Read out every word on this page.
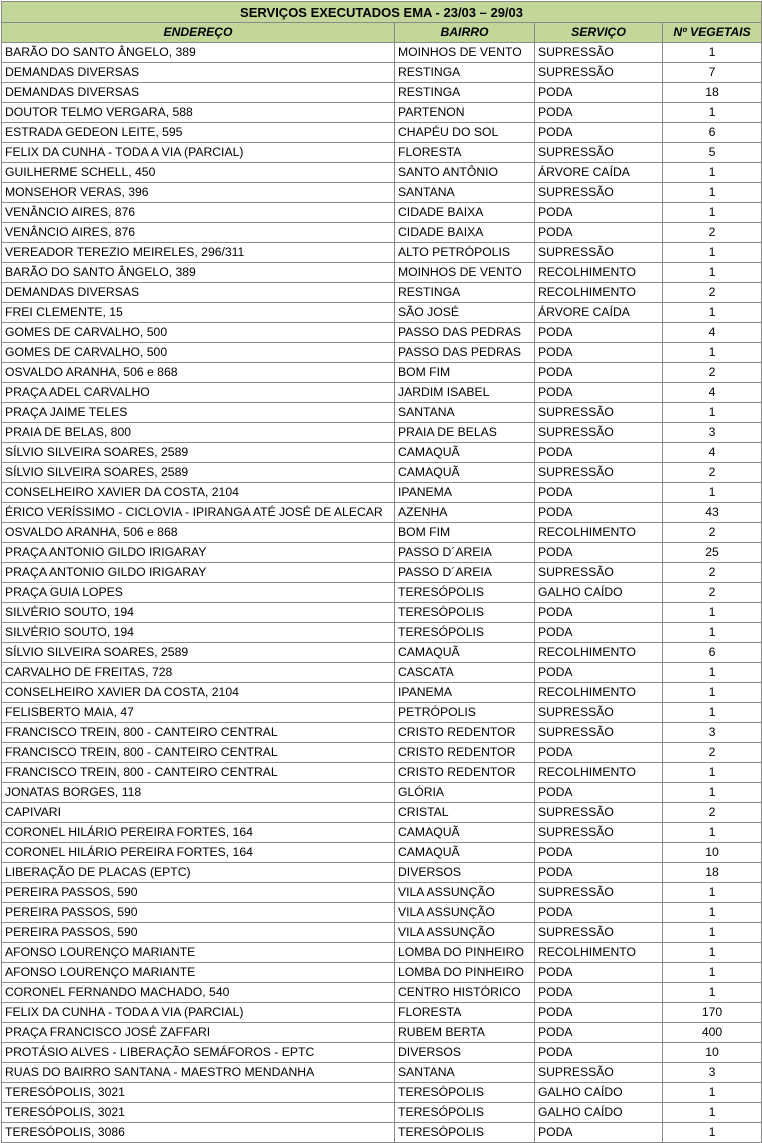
SERVIÇOS EXECUTADOS EMA - 23/03 – 29/03			
ENDEREÇO	BAIRRO	SERVIÇO	Nº VEGETAIS
BARÃO DO SANTO ÂNGELO, 389	MOINHOS DE VENTO	SUPRESSÃO	1
DEMANDAS DIVERSAS	RESTINGA	SUPRESSÃO	7
DEMANDAS DIVERSAS	RESTINGA	PODA	18
DOUTOR TELMO VERGARA, 588	PARTENON	PODA	1
ESTRADA GEDEON LEITE, 595	CHAPÉU DO SOL	PODA	6
FELIX DA CUNHA - TODA A VIA (PARCIAL)	FLORESTA	SUPRESSÃO	5
GUILHERME SCHELL, 450	SANTO ANTÔNIO	ÁRVORE CAÍDA	1
MONSEHOR VERAS, 396	SANTANA	SUPRESSÃO	1
VENÂNCIO AIRES, 876	CIDADE BAIXA	PODA	1
VENÂNCIO AIRES, 876	CIDADE BAIXA	PODA	2
VEREADOR TEREZIO MEIRELES, 296/311	ALTO PETRÓPOLIS	SUPRESSÃO	1
BARÃO DO SANTO ÂNGELO, 389	MOINHOS DE VENTO	RECOLHIMENTO	1
DEMANDAS DIVERSAS	RESTINGA	RECOLHIMENTO	2
FREI CLEMENTE, 15	SÃO JOSÉ	ÁRVORE CAÍDA	1
GOMES DE CARVALHO, 500	PASSO DAS PEDRAS	PODA	4
GOMES DE CARVALHO, 500	PASSO DAS PEDRAS	PODA	1
OSVALDO ARANHA, 506 e 868	BOM FIM	PODA	2
PRAÇA ADEL CARVALHO	JARDIM ISABEL	PODA	4
PRAÇA JAIME TELES	SANTANA	SUPRESSÃO	1
PRAIA DE BELAS, 800	PRAIA DE BELAS	SUPRESSÃO	3
SÍLVIO SILVEIRA SOARES, 2589	CAMAQUÃ	PODA	4
SÍLVIO SILVEIRA SOARES, 2589	CAMAQUÃ	SUPRESSÃO	2
CONSELHEIRO XAVIER DA COSTA, 2104	IPANEMA	PODA	1
ÉRICO VERÍSSIMO - CICLOVIA - IPIRANGA ATÉ JOSÉ DE ALECAR	AZENHA	PODA	43
OSVALDO ARANHA, 506 e 868	BOM FIM	RECOLHIMENTO	2
PRAÇA ANTONIO GILDO IRIGARAY	PASSO D´AREIA	PODA	25
PRAÇA ANTONIO GILDO IRIGARAY	PASSO D´AREIA	SUPRESSÃO	2
PRAÇA GUIA LOPES	TERESÓPOLIS	GALHO CAÍDO	2
SILVÉRIO SOUTO, 194	TERESÓPOLIS	PODA	1
SILVÉRIO SOUTO, 194	TERESÓPOLIS	PODA	1
SÍLVIO SILVEIRA SOARES, 2589	CAMAQUÃ	RECOLHIMENTO	6
CARVALHO DE FREITAS, 728	CASCATA	PODA	1
CONSELHEIRO XAVIER DA COSTA, 2104	IPANEMA	RECOLHIMENTO	1
FELISBERTO MAIA, 47	PETRÓPOLIS	SUPRESSÃO	1
FRANCISCO TREIN, 800 - CANTEIRO CENTRAL	CRISTO REDENTOR	SUPRESSÃO	3
FRANCISCO TREIN, 800 - CANTEIRO CENTRAL	CRISTO REDENTOR	PODA	2
FRANCISCO TREIN, 800 - CANTEIRO CENTRAL	CRISTO REDENTOR	RECOLHIMENTO	1
JONATAS BORGES, 118	GLÓRIA	PODA	1
CAPIVARI	CRISTAL	SUPRESSÃO	2
CORONEL HILÁRIO PEREIRA FORTES, 164	CAMAQUÃ	SUPRESSÃO	1
CORONEL HILÁRIO PEREIRA FORTES, 164	CAMAQUÃ	PODA	10
LIBERAÇÃO DE PLACAS (EPTC)	DIVERSOS	PODA	18
PEREIRA PASSOS, 590	VILA ASSUNÇÃO	SUPRESSÃO	1
PEREIRA PASSOS, 590	VILA ASSUNÇÃO	PODA	1
PEREIRA PASSOS, 590	VILA ASSUNÇÃO	SUPRESSÃO	1
AFONSO LOURENÇO MARIANTE	LOMBA DO PINHEIRO	RECOLHIMENTO	1
AFONSO LOURENÇO MARIANTE	LOMBA DO PINHEIRO	PODA	1
CORONEL FERNANDO MACHADO, 540	CENTRO HISTÓRICO	PODA	1
FELIX DA CUNHA - TODA A VIA (PARCIAL)	FLORESTA	PODA	170
PRAÇA FRANCISCO JOSÉ ZAFFARI	RUBEM BERTA	PODA	400
PROTÁSIO ALVES - LIBERAÇÃO SEMÁFOROS - EPTC	DIVERSOS	PODA	10
RUAS DO BAIRRO SANTANA - MAESTRO MENDANHA	SANTANA	SUPRESSÃO	3
TERESÓPOLIS, 3021	TERESÓPOLIS	GALHO CAÍDO	1
TERESÓPOLIS, 3021	TERESÓPOLIS	GALHO CAÍDO	1
TERESÓPOLIS, 3086	TERESÓPOLIS	PODA	1
